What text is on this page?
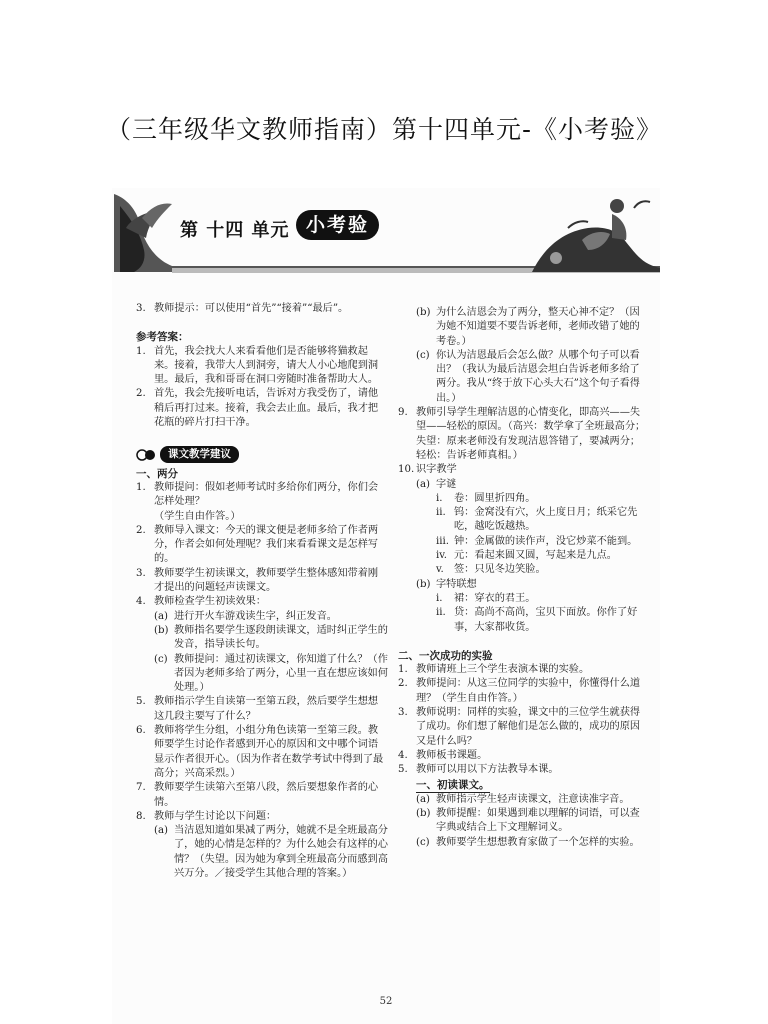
（三年级华文教师指南）第十四单元-《小考验》
第 十四 单元 小考验
3. 教师提示：可以使用“首先”“接着”“最后”。

参考答案：

1. 首先，我会找大人来看看他们是否能够将猫救起来。接着，我带大人到洞旁，请大人小心地爬到洞里。最后，我和哥哥在洞口旁随时准备帮助大人。
2. 首先，我会先接听电话，告诉对方我受伤了，请他稍后再打过来。接着，我会去止血。最后，我才把花瓶的碎片打扫干净。
课文教学建议

一、两分

1. 教师提问：假如老师考试时多给你们两分，你们会怎样处理？
（学生自由作答。）
2. 教师导入课文：今天的课文便是老师多给了作者两分，作者会如何处理呢？我们来看看课文是怎样写的。
3. 教师要学生初读课文，教师要学生整体感知带着刚才提出的问题轻声读课文。
4. 教师检查学生初读效果：
(a) 进行开火车游戏读生字，纠正发音。
(b) 教师指名要学生逐段朗读课文，适时纠正学生的发音，指导读长句。
(c) 教师提问：通过初读课文，你知道了什么？（作者因为老师多给了两分，心里一直在想应该如何处理。）
5. 教师指示学生自读第一至第五段，然后要学生想想这几段主要写了什么？
6. 教师将学生分组，小组分角色读第一至第三段。教师要学生讨论作者感到开心的原因和文中哪个词语显示作者很开心。（因为作者在数学考试中得到了最高分；兴高采烈。）
7. 教师要学生读第六至第八段，然后要想象作者的心情。
8. 教师与学生讨论以下问题：
(a) 当洁恩知道如果减了两分，她就不是全班最高分了，她的心情是怎样的？为什么她会有这样的心情？（失望。因为她为拿到全班最高分而感到高兴万分。／接受学生其他合理的答案。）
(b) 为什么洁恩会为了两分，整天心神不定？（因为她不知道要不要告诉老师，老师改错了她的考卷。）
(c) 你认为洁恩最后会怎么做？从哪个句子可以看出？（我认为最后洁恩会坦白告诉老师多给了两分。我从“终于放下心头大石”这个句子看得出。）
9. 教师引导学生理解洁恩的心情变化，即高兴——失望——轻松的原因。（高兴：数学拿了全班最高分；失望：原来老师没有发现洁恩答错了，要减两分；轻松：告诉老师真相。）
10. 识字教学
(a) 字谜
i.	卷：圆里折四角。
ii. 钨：金窝没有穴，火上度日月；纸采它先吃，越吃饭越热。
iii. 钟：金属做的读作声，没它炒菜不能到。
iv. 元：看起来圆又圆，写起来是九点。
v.	签：只见冬边笑脸。
(b) 字特联想
i.	裙：穿衣的君王。
ii. 贷：高尚不高尚，宝贝下面放。你作了好事，大家都收货。

二、一次成功的实验

1. 教师请班上三个学生表演本课的实验。
2. 教师提问：从这三位同学的实验中，你懂得什么道理？（学生自由作答。）
3. 教师说明：同样的实验，课文中的三位学生就获得了成功。你们想了解他们是怎么做的，成功的原因又是什么吗？
4. 教师板书课题。
5. 教师可以用以下方法教导本课。
一、初读课文。
(a) 教师指示学生轻声读课文，注意读准字音。
(b) 教师提醒：如果遇到难以理解的词语，可以查字典或结合上下文理解词义。
(c) 教师要学生想想教育家做了一个怎样的实验。
52
